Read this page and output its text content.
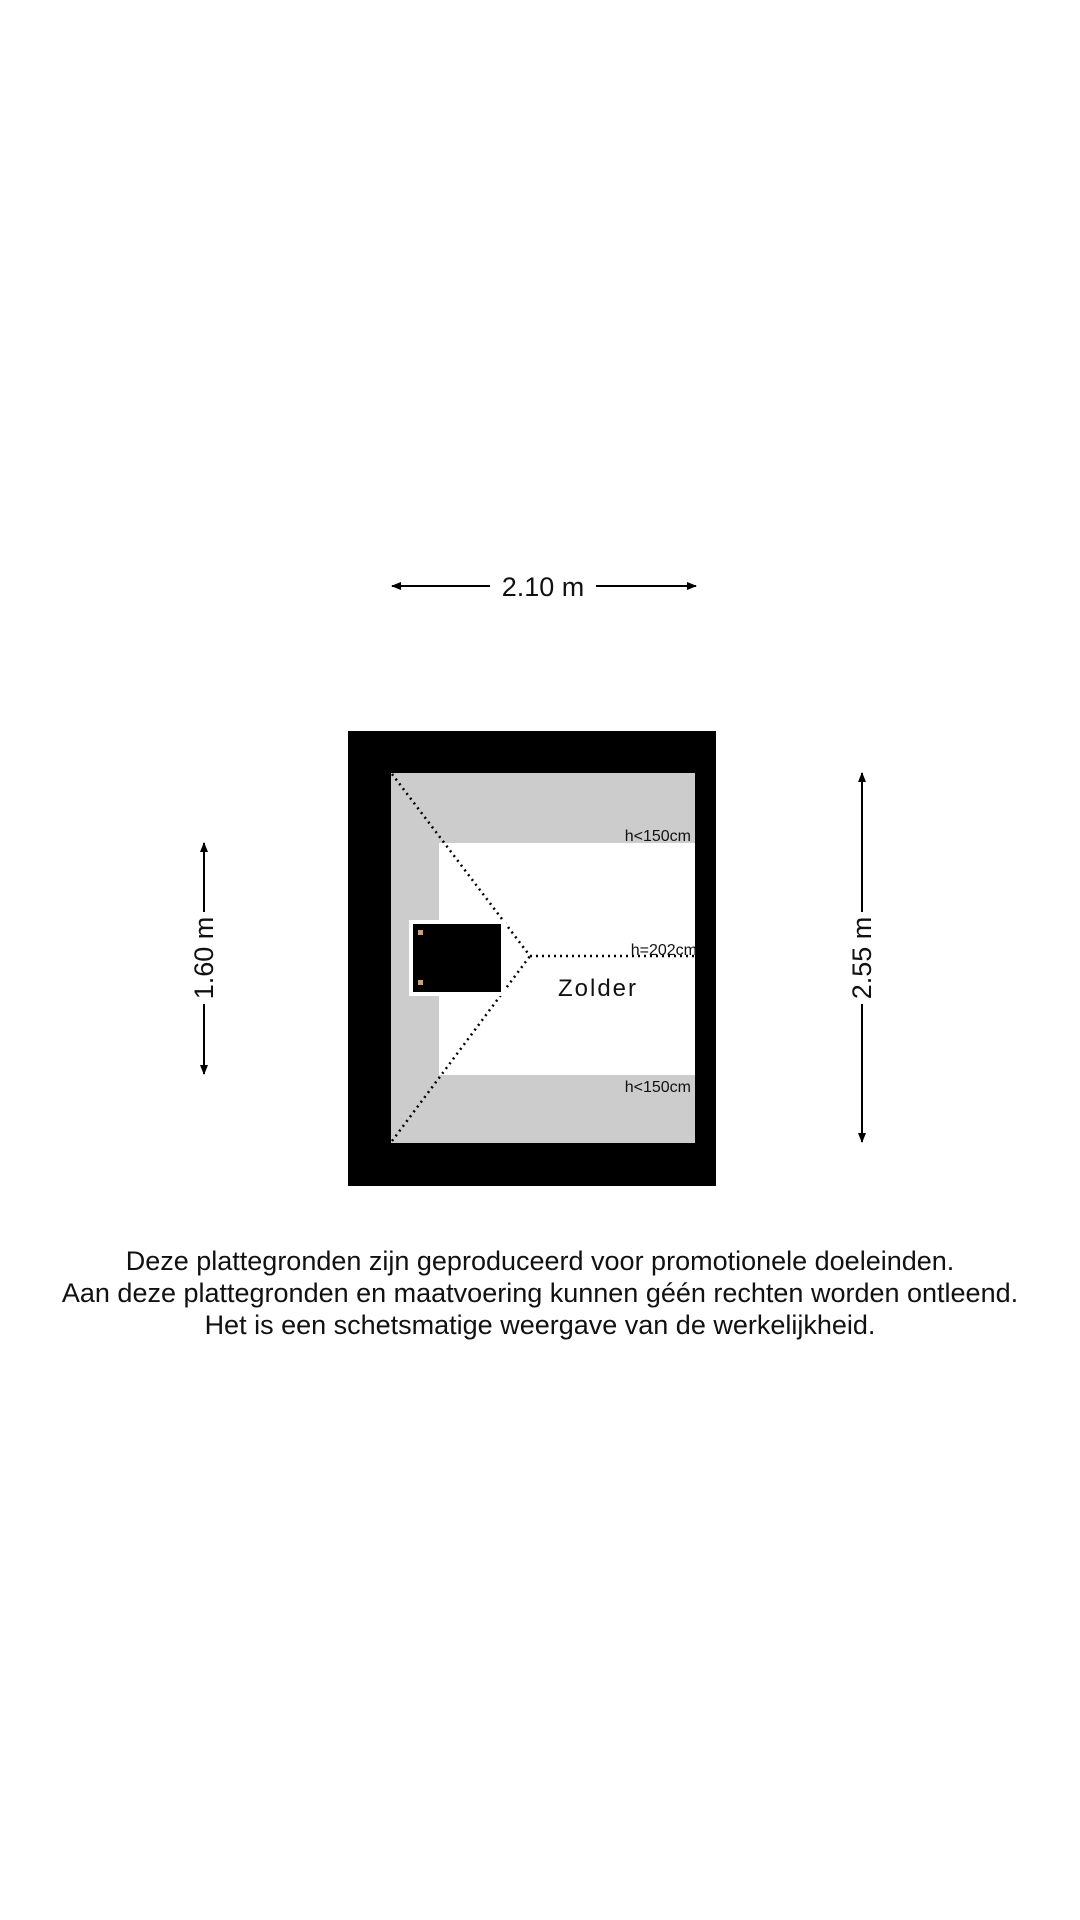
2.10 m
1.60 m	2.55 m
h<150cm
h=202cm
h<150cm
Zolder
Deze plattegronden zijn geproduceerd voor promotionele doeleinden.
Aan deze plattegronden en maatvoering kunnen géén rechten worden ontleend.
Het is een schetsmatige weergave van de werkelijkheid.
